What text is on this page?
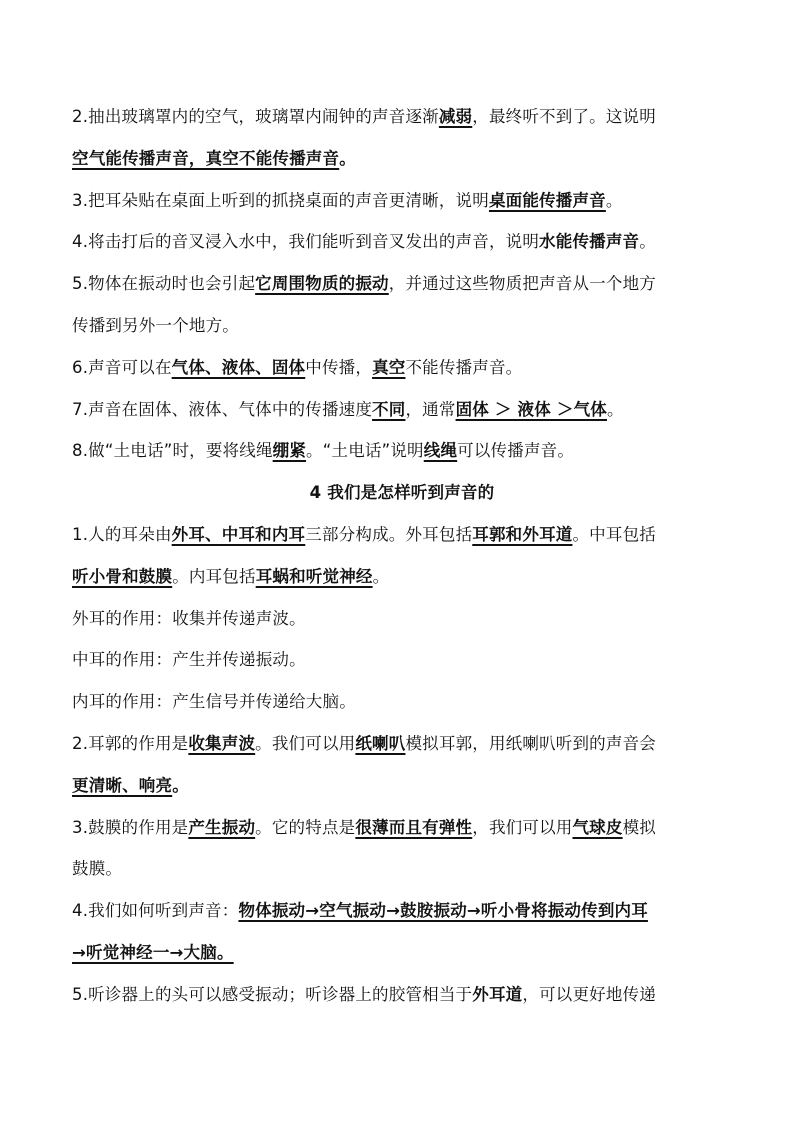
2.抽出玻璃罩内的空气，玻璃罩内闹钟的声音逐渐减弱，最终听不到了。这说明
空气能传播声音，真空不能传播声音。
3.把耳朵贴在桌面上听到的抓挠桌面的声音更清晰，说明桌面能传播声音。
4.将击打后的音叉浸入水中，我们能听到音叉发出的声音，说明水能传播声音。
5.物体在振动时也会引起它周围物质的振动，并通过这些物质把声音从一个地方
传播到另外一个地方。
6.声音可以在气体、液体、固体中传播，真空不能传播声音。
7.声音在固体、液体、气体中的传播速度不同，通常固体 ＞ 液体 ＞气体。
8.做“土电话”时，要将线绳绷紧。“土电话”说明线绳可以传播声音。
4 我们是怎样听到声音的
1.人的耳朵由外耳、中耳和内耳三部分构成。外耳包括耳郭和外耳道。中耳包括
听小骨和鼓膜。内耳包括耳蜗和听觉神经。
外耳的作用：收集并传递声波。
中耳的作用：产生并传递振动。
内耳的作用：产生信号并传递给大脑。
2.耳郭的作用是收集声波。我们可以用纸喇叭模拟耳郭，用纸喇叭听到的声音会
更清晰、响亮。
3.鼓膜的作用是产生振动。它的特点是很薄而且有弹性，我们可以用气球皮模拟
鼓膜。
4.我们如何听到声音：物体振动→空气振动→鼓胺振动→听小骨将振动传到内耳
→听觉神经一→大脑。
5.听诊器上的头可以感受振动；听诊器上的胶管相当于外耳道，可以更好地传递
